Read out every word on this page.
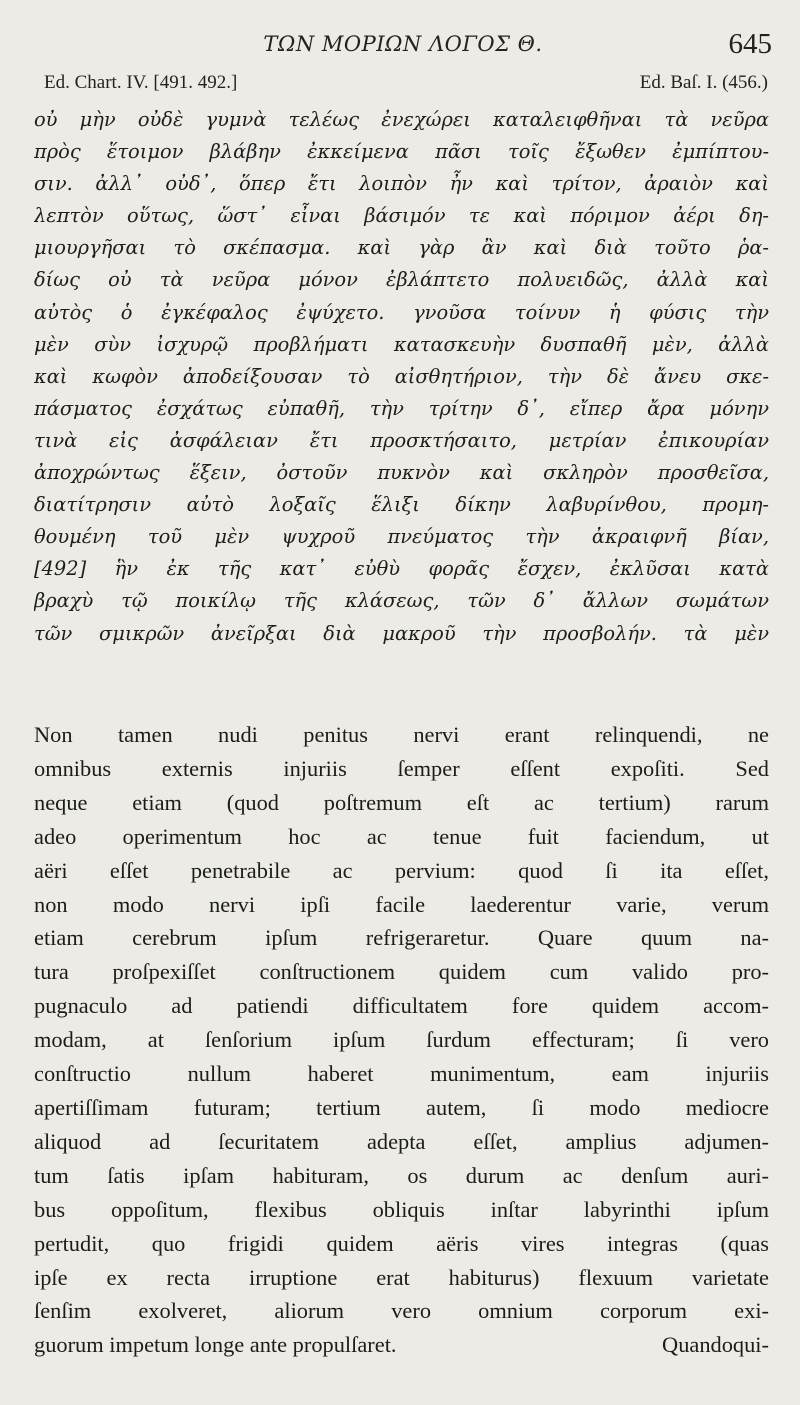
ΤΩΝ ΜΟΡΙΩΝ ΛΟΓΟΣ Θ.	645
Ed. Chart. IV. [491. 492.]	Ed. Baſ. I. (456.)
οὐ μὴν οὐδὲ γυμνὰ τελέως ἐνεχώρει καταλειφθῆναι τὰ νεῦρα
πρὸς ἕτοιμον βλάβην ἐκκείμενα πᾶσι τοῖς ἔξωθεν ἐμπίπτου-
σιν. ἀλλ᾿ οὐδ᾿, ὅπερ ἔτι λοιπὸν ἦν καὶ τρίτον, ἀραιὸν καὶ
λεπτὸν οὕτως, ὥστ᾿ εἶναι βάσιμόν τε καὶ πόριμον ἀέρι δη-
μιουργῆσαι τὸ σκέπασμα. καὶ γὰρ ἂν καὶ διὰ τοῦτο ῥα-
δίως οὐ τὰ νεῦρα μόνον ἐβλάπτετο πολυειδῶς, ἀλλὰ καὶ
αὐτὸς ὁ ἐγκέφαλος ἐψύχετο. γνοῦσα τοίνυν ἡ φύσις τὴν
μὲν σὺν ἰσχυρῷ προβλήματι κατασκευὴν δυσπαθῆ μὲν, ἀλλὰ
καὶ κωφὸν ἀποδείξουσαν τὸ αἰσθητήριον, τὴν δὲ ἄνευ σκε-
πάσματος ἐσχάτως εὐπαθῆ, τὴν τρίτην δ᾿, εἴπερ ἄρα μόνην
τινὰ εἰς ἀσφάλειαν ἔτι προσκτήσαιτο, μετρίαν ἐπικουρίαν
ἀποχρώντως ἕξειν, ὀστοῦν πυκνὸν καὶ σκληρὸν προσθεῖσα,
διατίτρησιν αὐτὸ λοξαῖς ἕλιξι δίκην λαβυρίνθου, προμη-
θουμένη τοῦ μὲν ψυχροῦ πνεύματος τὴν ἀκραιφνῆ βίαν,
[492] ἣν ἐκ τῆς κατ᾿ εὐθὺ φορᾶς ἔσχεν, ἐκλῦσαι κατὰ
βραχὺ τῷ ποικίλῳ τῆς κλάσεως, τῶν δ᾿ ἄλλων σωμάτων
τῶν σμικρῶν ἀνεῖρξαι διὰ μακροῦ τὴν προσβολήν. τὰ μὲν
Non tamen nudi penitus nervi erant relinquendi, ne
omnibus externis injuriis ſemper eſſent expoſiti. Sed
neque etiam (quod poſtremum eſt ac tertium) rarum
adeo operimentum hoc ac tenue fuit faciendum, ut
aëri eſſet penetrabile ac pervium: quod ſi ita eſſet,
non modo nervi ipſi facile laederentur varie, verum
etiam cerebrum ipſum refrigeraretur. Quare quum na-
tura proſpexiſſet conſtructionem quidem cum valido pro-
pugnaculo ad patiendi difficultatem fore quidem accom-
modam, at ſenſorium ipſum ſurdum effecturam; ſi vero
conſtructio nullum haberet munimentum, eam injuriis
apertiſſimam futuram; tertium autem, ſi modo mediocre
aliquod ad ſecuritatem adepta eſſet, amplius adjumen-
tum ſatis ipſam habituram, os durum ac denſum auri-
bus oppoſitum, flexibus obliquis inſtar labyrinthi ipſum
pertudit, quo frigidi quidem aëris vires integras (quas
ipſe ex recta irruptione erat habiturus) flexuum varietate
ſenſim exolveret, aliorum vero omnium corporum exi-
guorum impetum longe ante propulſaret.	Quandoqui-
